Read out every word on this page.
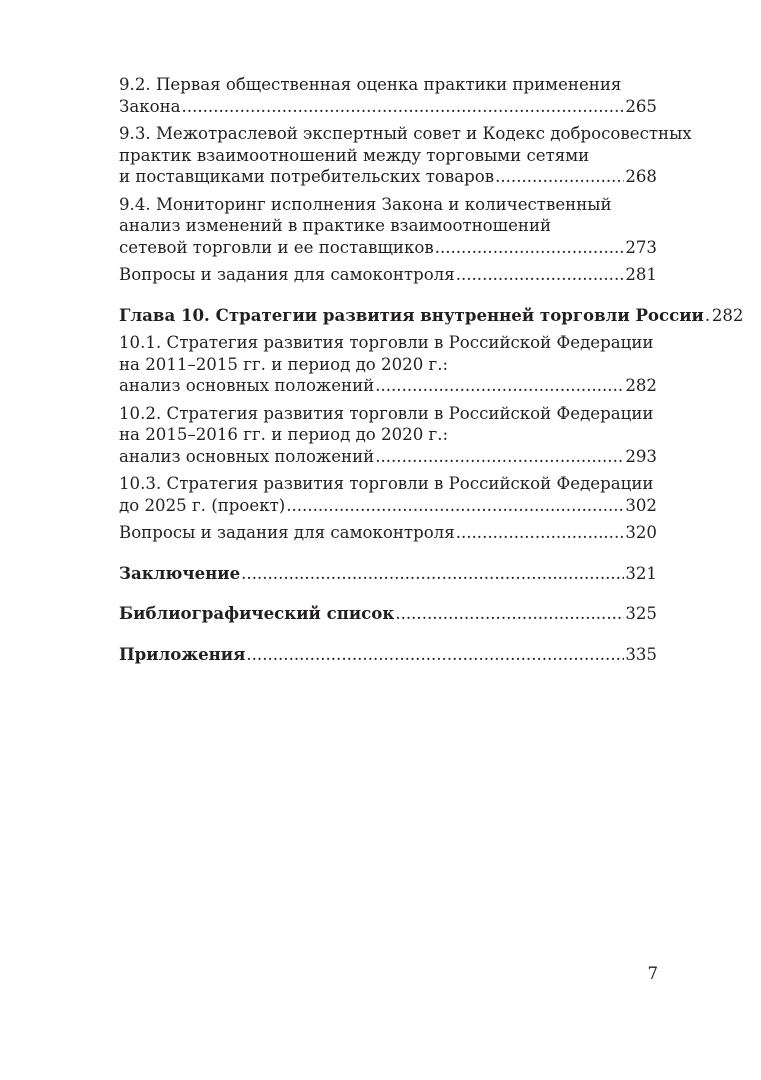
9.2. Первая общественная оценка практики применения
Закона .....	265
9.3. Межотраслевой экспертный совет и Кодекс добросовестных
практик взаимоотношений между торговыми сетями
и поставщиками потребительских товаров .....	268
9.4. Мониторинг исполнения Закона и количественный
анализ изменений в практике взаимоотношений
сетевой торговли и ее поставщиков .....	273
Вопросы и задания для самоконтроля .....	281
Глава 10. Стратегии развития внутренней торговли России ..... 282
10.1. Стратегия развития торговли в Российской Федерации
на 2011–2015 гг. и период до 2020 г.:
анализ основных положений .....	282
10.2. Стратегия развития торговли в Российской Федерации
на 2015–2016 гг. и период до 2020 г.:
анализ основных положений .....	293
10.3. Стратегия развития торговли в Российской Федерации
до 2025 г. (проект) .....	302
Вопросы и задания для самоконтроля .....	320
Заключение .....	321
Библиографический список .....	325
Приложения .....	335
7
